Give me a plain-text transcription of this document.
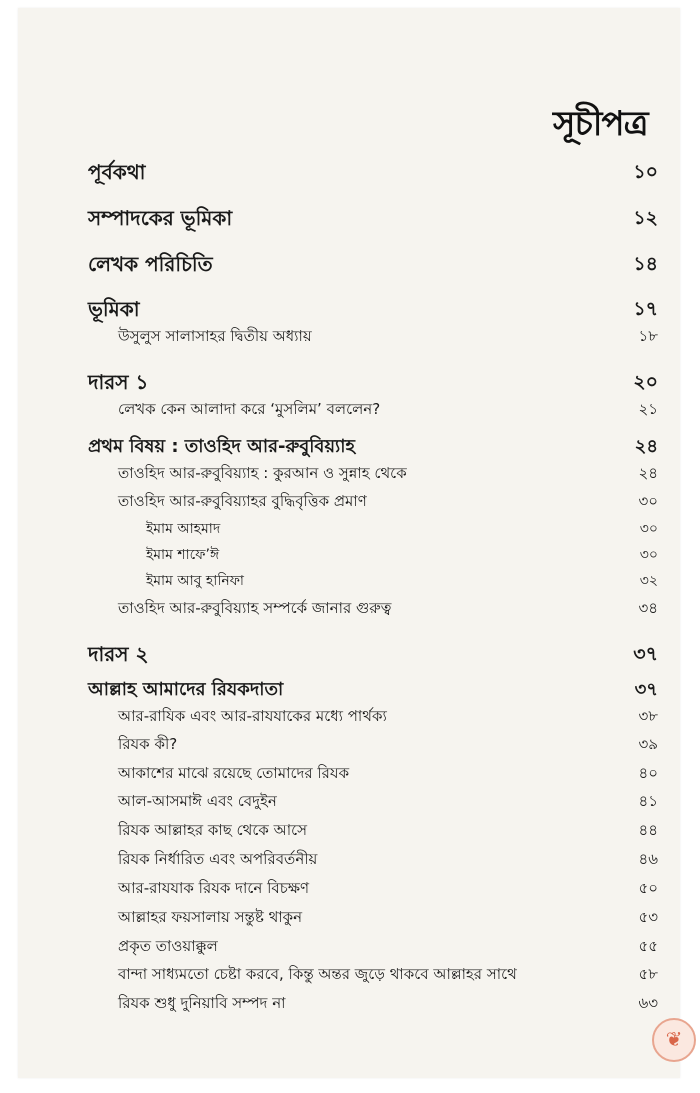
সূচীপত্র
পূর্বকথা	১০
সম্পাদকের ভূমিকা	১২
লেখক পরিচিতি	১৪
ভূমিকা	১৭
উসুলুস সালাসাহর দ্বিতীয় অধ্যায়	১৮
দারস ১	২০
লেখক কেন আলাদা করে ‘মুসলিম’ বললেন?	২১
প্রথম বিষয় : তাওহিদ আর-রুবুবিয়্যাহ	২৪
তাওহিদ আর-রুবুবিয়্যাহ : কুরআন ও সুন্নাহ থেকে	২৪
তাওহিদ আর-রুবুবিয়্যাহর বুদ্ধিবৃত্তিক প্রমাণ	৩০
ইমাম আহমাদ	৩০
ইমাম শাফে’ঈ	৩০
ইমাম আবু হানিফা	৩২
তাওহিদ আর-রুবুবিয়্যাহ সম্পর্কে জানার গুরুত্ব	৩৪
দারস ২	৩৭
আল্লাহ আমাদের রিযকদাতা	৩৭
আর-রাযিক এবং আর-রাযযাকের মধ্যে পার্থক্য	৩৮
রিযক কী?	৩৯
আকাশের মাঝে রয়েছে তোমাদের রিযক	৪০
আল-আসমাঈ এবং বেদুইন	৪১
রিযক আল্লাহর কাছ থেকে আসে	৪৪
রিযক নির্ধারিত এবং অপরিবর্তনীয়	৪৬
আর-রাযযাক রিযক দানে বিচক্ষণ	৫০
আল্লাহর ফয়সালায় সন্তুষ্ট থাকুন	৫৩
প্রকৃত তাওয়াক্কুল	৫৫
বান্দা সাধ্যমতো চেষ্টা করবে, কিন্তু অন্তর জুড়ে থাকবে আল্লাহর সাথে	৫৮
রিযক শুধু দুনিয়াবি সম্পদ না	৬৩
❦
